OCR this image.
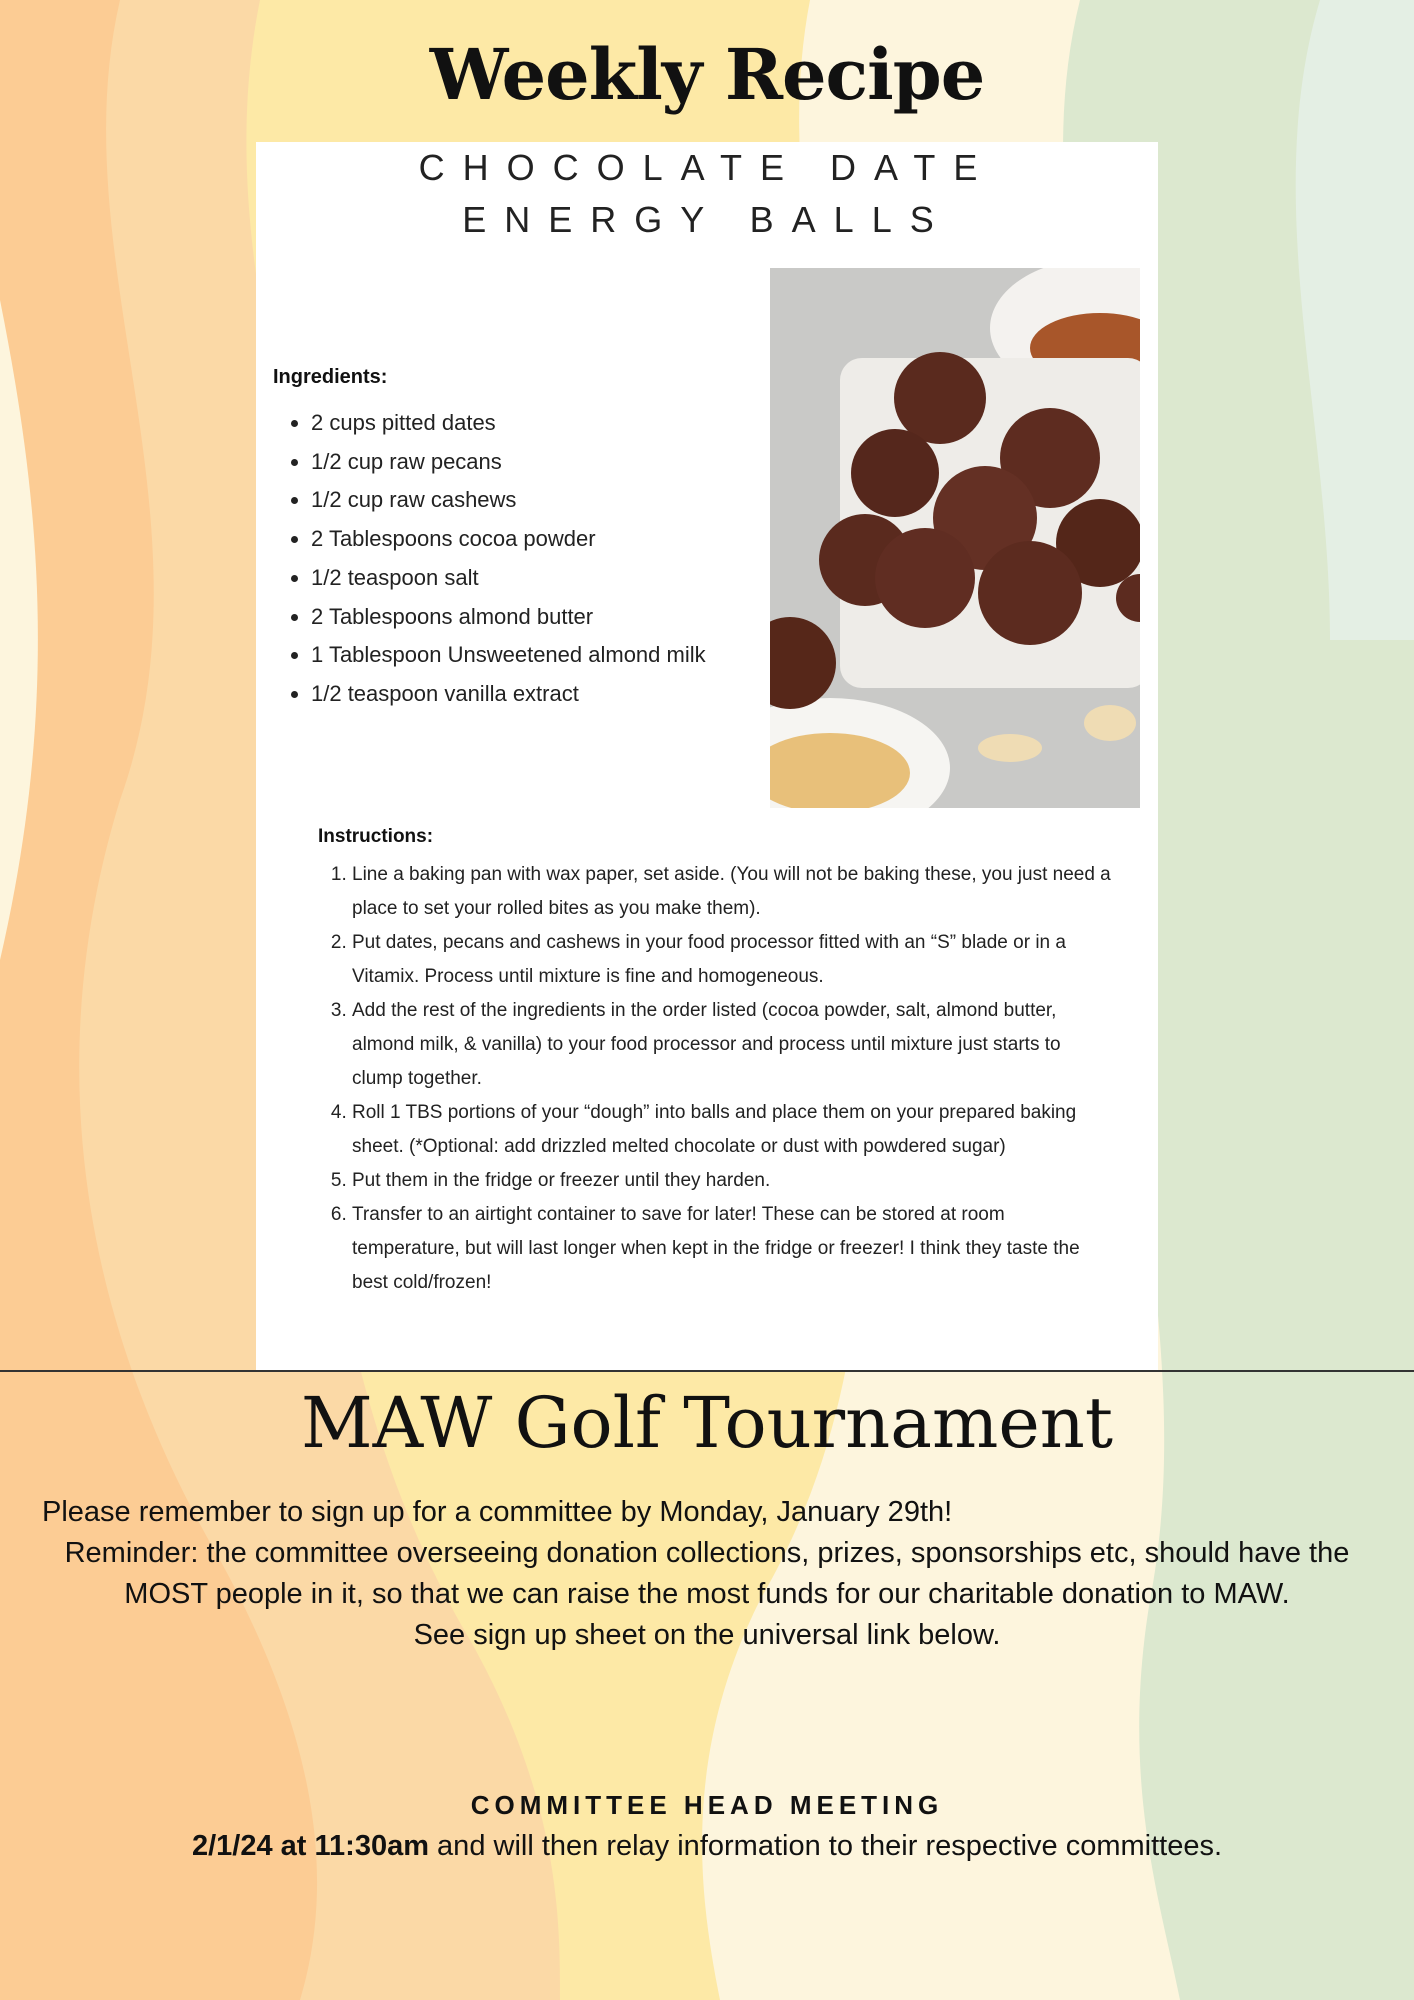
Weekly Recipe
CHOCOLATE DATE
ENERGY BALLS
Ingredients:
• 2 cups pitted dates
• 1/2 cup raw pecans
• 1/2 cup raw cashews
• 2 Tablespoons cocoa powder
• 1/2 teaspoon salt
• 2 Tablespoons almond butter
• 1 Tablespoon Unsweetened almond milk
• 1/2 teaspoon vanilla extract
Instructions:
1. Line a baking pan with wax paper, set aside. (You will not be baking these, you just need a place to set your rolled bites as you make them).
2. Put dates, pecans and cashews in your food processor fitted with an “S” blade or in a Vitamix. Process until mixture is fine and homogeneous.
3. Add the rest of the ingredients in the order listed (cocoa powder, salt, almond butter, almond milk, & vanilla) to your food processor and process until mixture just starts to clump together.
4. Roll 1 TBS portions of your “dough” into balls and place them on your prepared baking sheet. (*Optional: add drizzled melted chocolate or dust with powdered sugar)
5. Put them in the fridge or freezer until they harden.
6. Transfer to an airtight container to save for later! These can be stored at room temperature, but will last longer when kept in the fridge or freezer! I think they taste the best cold/frozen!
MAW Golf Tournament
Please remember to sign up for a committee by Monday, January 29th!
Reminder: the committee overseeing donation collections, prizes, sponsorships etc, should have the MOST people in it, so that we can raise the most funds for our charitable donation to MAW.
See sign up sheet on the universal link below.
COMMITTEE HEAD MEETING
2/1/24 at 11:30am and will then relay information to their respective committees.
